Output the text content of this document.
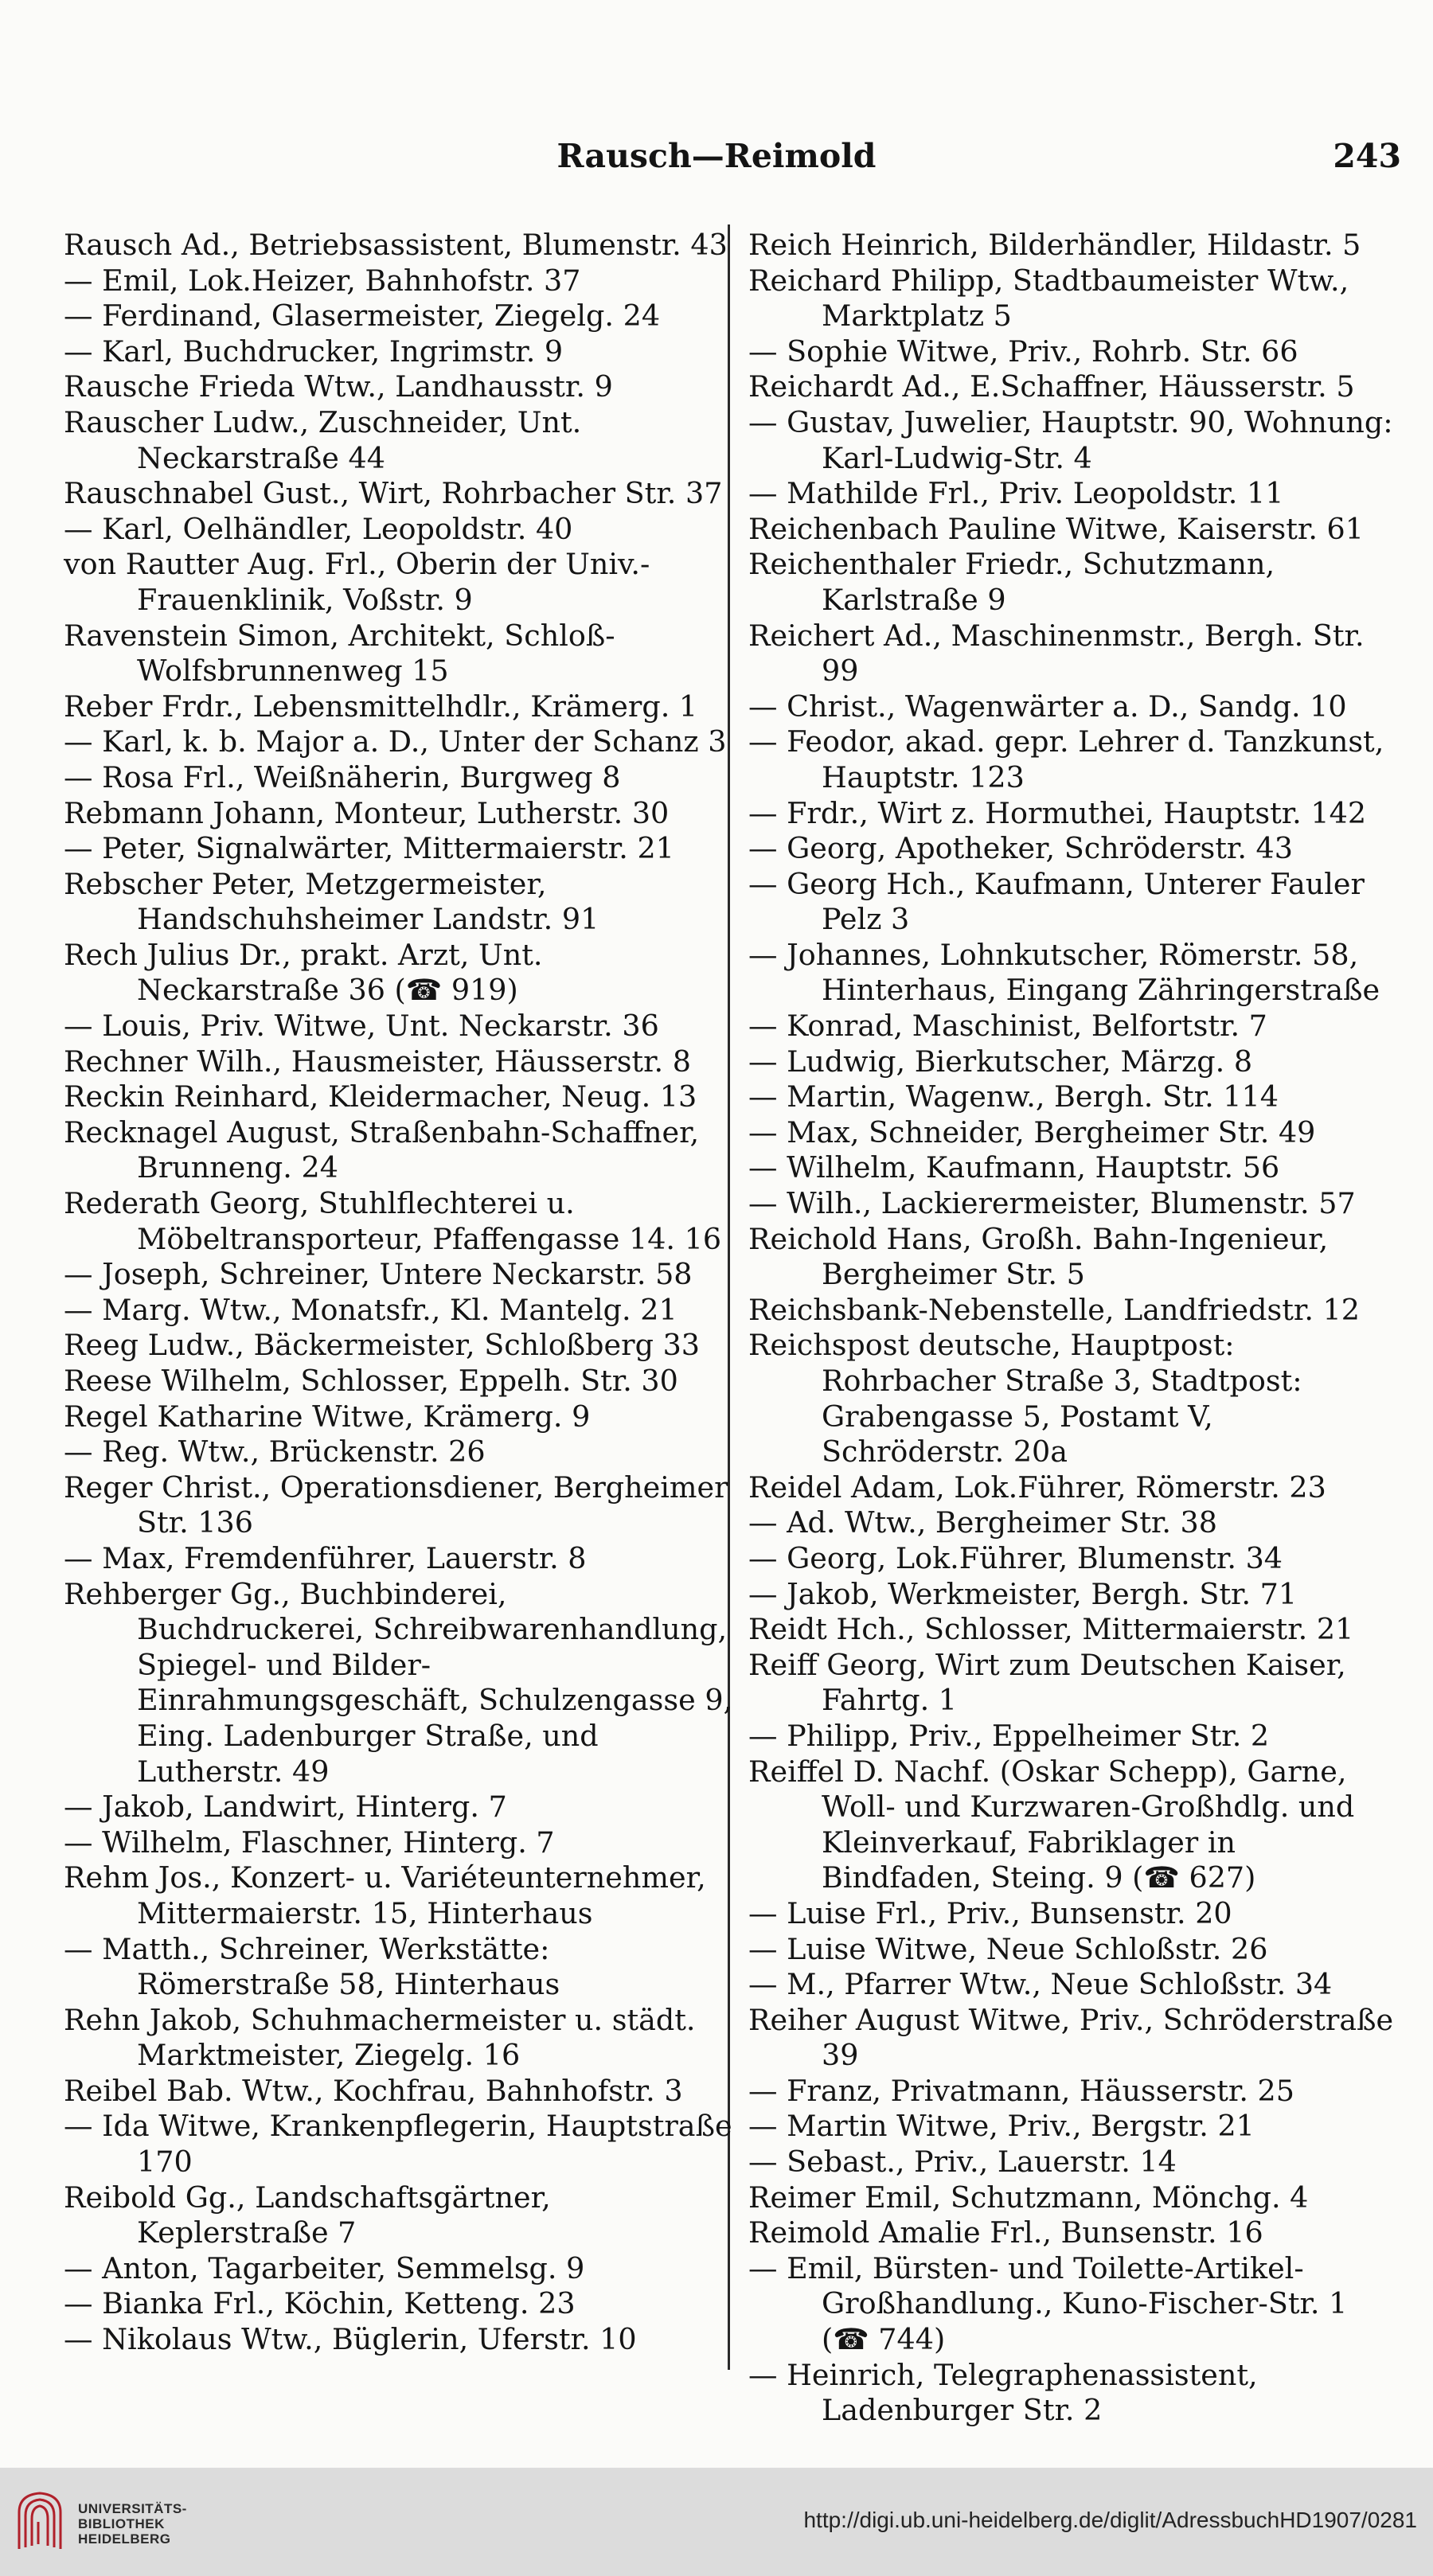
Rausch—Reimold	243
Rausch Ad., Betriebsassistent, Blumenstr. 43
— Emil, Lok.Heizer, Bahnhofstr. 37
— Ferdinand, Glasermeister, Ziegelg. 24
— Karl, Buchdrucker, Ingrimstr. 9
Rausche Frieda Wtw., Landhausstr. 9
Rauscher Ludw., Zuschneider, Unt. Neckarstraße 44
Rauschnabel Gust., Wirt, Rohrbacher Str. 37
— Karl, Oelhändler, Leopoldstr. 40
von Rautter Aug. Frl., Oberin der Univ.-Frauenklinik, Voßstr. 9
Ravenstein Simon, Architekt, Schloß-Wolfsbrunnenweg 15
Reber Frdr., Lebensmittelhdlr., Krämerg. 1
— Karl, k. b. Major a. D., Unter der Schanz 3
— Rosa Frl., Weißnäherin, Burgweg 8
Rebmann Johann, Monteur, Lutherstr. 30
— Peter, Signalwärter, Mittermaierstr. 21
Rebscher Peter, Metzgermeister, Handschuhsheimer Landstr. 91
Rech Julius Dr., prakt. Arzt, Unt. Neckarstraße 36 (☎ 919)
— Louis, Priv. Witwe, Unt. Neckarstr. 36
Rechner Wilh., Hausmeister, Häusserstr. 8
Reckin Reinhard, Kleidermacher, Neug. 13
Recknagel August, Straßenbahn-Schaffner, Brunneng. 24
Rederath Georg, Stuhlflechterei u. Möbeltransporteur, Pfaffengasse 14. 16
— Joseph, Schreiner, Untere Neckarstr. 58
— Marg. Wtw., Monatsfr., Kl. Mantelg. 21
Reeg Ludw., Bäckermeister, Schloßberg 33
Reese Wilhelm, Schlosser, Eppelh. Str. 30
Regel Katharine Witwe, Krämerg. 9
— Reg. Wtw., Brückenstr. 26
Reger Christ., Operationsdiener, Bergheimer Str. 136
— Max, Fremdenführer, Lauerstr. 8
Rehberger Gg., Buchbinderei, Buchdruckerei, Schreibwarenhandlung, Spiegel- und Bilder-Einrahmungsgeschäft, Schulzengasse 9, Eing. Ladenburger Straße, und Lutherstr. 49
— Jakob, Landwirt, Hinterg. 7
— Wilhelm, Flaschner, Hinterg. 7
Rehm Jos., Konzert- u. Variéteunternehmer, Mittermaierstr. 15, Hinterhaus
— Matth., Schreiner, Werkstätte: Römerstraße 58, Hinterhaus
Rehn Jakob, Schuhmachermeister u. städt. Marktmeister, Ziegelg. 16
Reibel Bab. Wtw., Kochfrau, Bahnhofstr. 3
— Ida Witwe, Krankenpflegerin, Hauptstraße 170
Reibold Gg., Landschaftsgärtner, Keplerstraße 7
— Anton, Tagarbeiter, Semmelsg. 9
— Bianka Frl., Köchin, Ketteng. 23
— Nikolaus Wtw., Büglerin, Uferstr. 10
Reich Heinrich, Bilderhändler, Hildastr. 5
Reichard Philipp, Stadtbaumeister Wtw., Marktplatz 5
— Sophie Witwe, Priv., Rohrb. Str. 66
Reichardt Ad., E.Schaffner, Häusserstr. 5
— Gustav, Juwelier, Hauptstr. 90, Wohnung: Karl-Ludwig-Str. 4
— Mathilde Frl., Priv. Leopoldstr. 11
Reichenbach Pauline Witwe, Kaiserstr. 61
Reichenthaler Friedr., Schutzmann, Karlstraße 9
Reichert Ad., Maschinenmstr., Bergh. Str. 99
— Christ., Wagenwärter a. D., Sandg. 10
— Feodor, akad. gepr. Lehrer d. Tanzkunst, Hauptstr. 123
— Frdr., Wirt z. Hormuthei, Hauptstr. 142
— Georg, Apotheker, Schröderstr. 43
— Georg Hch., Kaufmann, Unterer Fauler Pelz 3
— Johannes, Lohnkutscher, Römerstr. 58, Hinterhaus, Eingang Zähringerstraße
— Konrad, Maschinist, Belfortstr. 7
— Ludwig, Bierkutscher, Märzg. 8
— Martin, Wagenw., Bergh. Str. 114
— Max, Schneider, Bergheimer Str. 49
— Wilhelm, Kaufmann, Hauptstr. 56
— Wilh., Lackierermeister, Blumenstr. 57
Reichold Hans, Großh. Bahn-Ingenieur, Bergheimer Str. 5
Reichsbank-Nebenstelle, Landfriedstr. 12
Reichspost deutsche, Hauptpost: Rohrbacher Straße 3, Stadtpost: Grabengasse 5, Postamt V, Schröderstr. 20a
Reidel Adam, Lok.Führer, Römerstr. 23
— Ad. Wtw., Bergheimer Str. 38
— Georg, Lok.Führer, Blumenstr. 34
— Jakob, Werkmeister, Bergh. Str. 71
Reidt Hch., Schlosser, Mittermaierstr. 21
Reiff Georg, Wirt zum Deutschen Kaiser, Fahrtg. 1
— Philipp, Priv., Eppelheimer Str. 2
Reiffel D. Nachf. (Oskar Schepp), Garne, Woll- und Kurzwaren-Großhdlg. und Kleinverkauf, Fabriklager in Bindfaden, Steing. 9 (☎ 627)
— Luise Frl., Priv., Bunsenstr. 20
— Luise Witwe, Neue Schloßstr. 26
— M., Pfarrer Wtw., Neue Schloßstr. 34
Reiher August Witwe, Priv., Schröderstraße 39
— Franz, Privatmann, Häusserstr. 25
— Martin Witwe, Priv., Bergstr. 21
— Sebast., Priv., Lauerstr. 14
Reimer Emil, Schutzmann, Mönchg. 4
Reimold Amalie Frl., Bunsenstr. 16
— Emil, Bürsten- und Toilette-Artikel-Großhandlung., Kuno-Fischer-Str. 1 (☎ 744)
— Heinrich, Telegraphenassistent, Ladenburger Str. 2
UNIVERSITÄTS-
BIBLIOTHEK
HEIDELBERG
http://digi.ub.uni-heidelberg.de/diglit/AdressbuchHD1907/0281
